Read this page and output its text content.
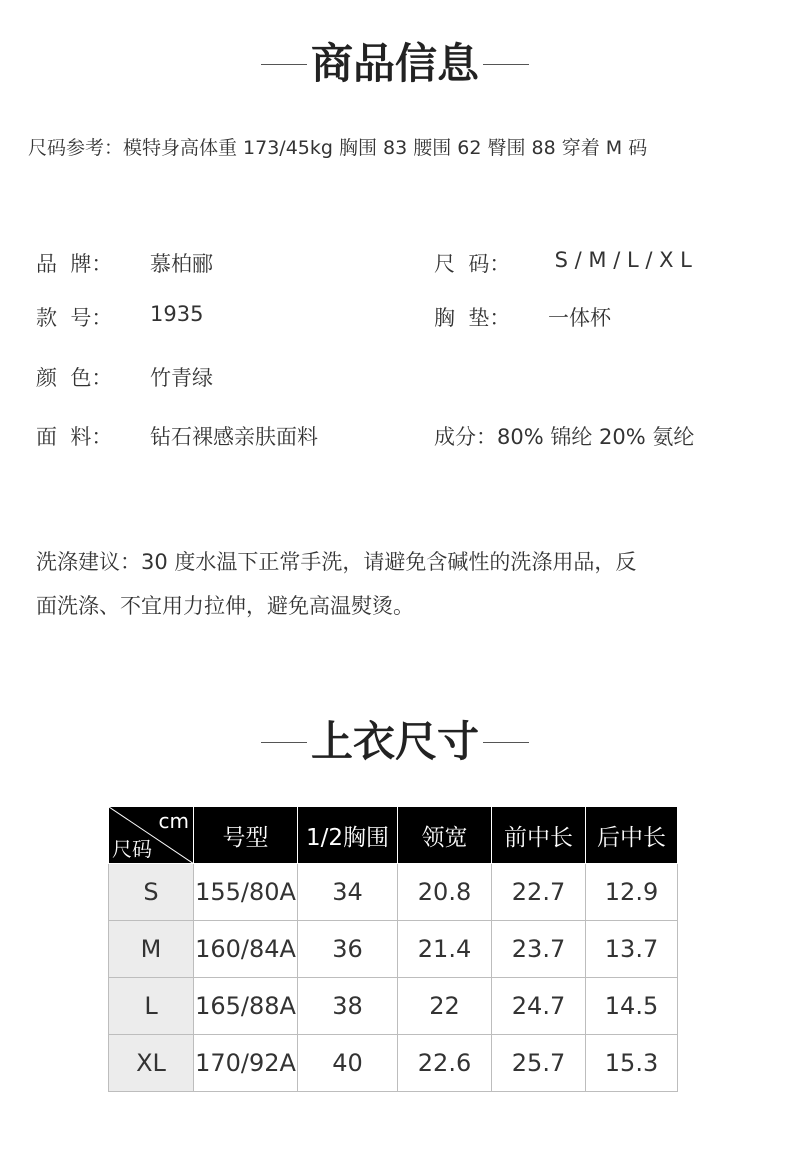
商品信息
尺码参考：模特身高体重 173/45kg 胸围 83 腰围 62 臀围 88 穿着 M 码
品  牌： 慕柏郦	尺  码： S / M / L / X L
款  号： 1935	胸  垫： 一体杯
颜  色： 竹青绿
面  料： 钻石裸感亲肤面料	成分：80% 锦纶 20% 氨纶
洗涤建议：30 度水温下正常手洗，请避免含碱性的洗涤用品，反
面洗涤、不宜用力拉伸，避免高温熨烫。
上衣尺寸
cm
尺码	号型	1/2胸围	领宽	前中长	后中长
S	155/80A	34	20.8	22.7	12.9
M	160/84A	36	21.4	23.7	13.7
L	165/88A	38	22	24.7	14.5
XL	170/92A	40	22.6	25.7	15.3
